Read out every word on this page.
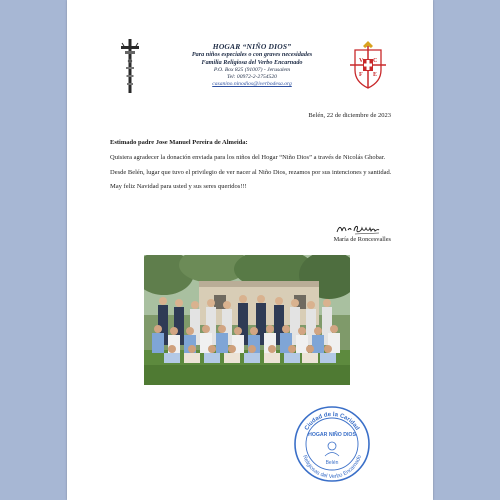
HOGAR “NIÑO DIOS”
Para niños especiales o con graves necesidades
Familia Religiosa del Verbo Encarnado
P.O. Box 825 (91007) - Jerusalem
Tel: 00972-2-2754520
casanino.ninodios@iverbodesa.org
V C
F E
Belén, 22 de diciembre de 2023
Estimado padre Jose Manuel Pereira de Almeida:

Quisiera agradecer la donación enviada para los niños del Hogar “Niño Dios” a través de Nicolás Ghobar.

Desde Belén, lugar que tuvo el privilegio de ver nacer al Niño Dios, rezamos por sus intenciones y santidad.

May feliz Navidad para usted y sus seres queridos!!!

María de Roncesvalles
Ciudad de la Caridad
Religiosas del Verbo Encarnado
HOGAR NIÑO DIOS
Belén
